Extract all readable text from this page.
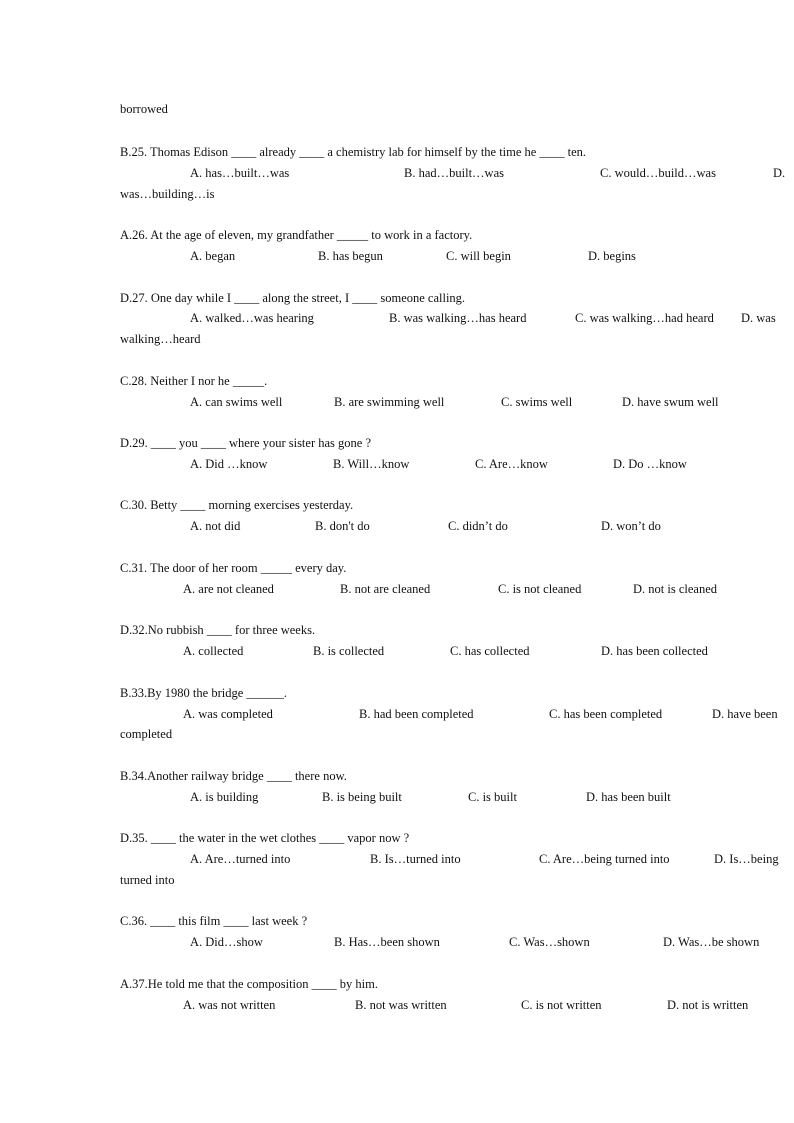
borrowed
B.25. Thomas Edison ____ already ____ a chemistry lab for himself by the time he ____ ten.
A. has…built…was	B. had…built…was	C. would…build…was	D.
was…building…is
A.26. At the age of eleven, my grandfather _____ to work in a factory.
A. began	B. has begun	C. will begin	D. begins
D.27. One day while I ____ along the street, I ____ someone calling.
A. walked…was hearing	B. was walking…has heard	C. was walking…had heard D. was
walking…heard
C.28. Neither I nor he _____.
A. can swims well	B. are swimming well	C. swims well	D. have swum well
D.29. ____ you ____ where your sister has gone ?
A. Did …know	B. Will…know	C. Are…know	D. Do …know
C.30. Betty ____ morning exercises yesterday.
A. not did	B. don't do	C. didn’t do	D. won’t do
C.31. The door of her room _____ every day.
A. are not cleaned	B. not are cleaned	C. is not cleaned	D. not is cleaned
D.32.No rubbish ____ for three weeks.
A. collected	B. is collected	C. has collected	D. has been collected
B.33.By 1980 the bridge ______.
A. was completed	B. had been completed	C. has been completed	D. have been
completed
B.34.Another railway bridge ____ there now.
A. is building	B. is being built	C. is built	D. has been built
D.35. ____ the water in the wet clothes ____ vapor now ?
A. Are…turned into	B. Is…turned into	C. Are…being turned into	D. Is…being
turned into
C.36. ____ this film ____ last week ?
A. Did…show	B. Has…been shown	C. Was…shown	D. Was…be shown
A.37.He told me that the composition ____ by him.
A. was not written	B. not was written	C. is not written	D. not is written
